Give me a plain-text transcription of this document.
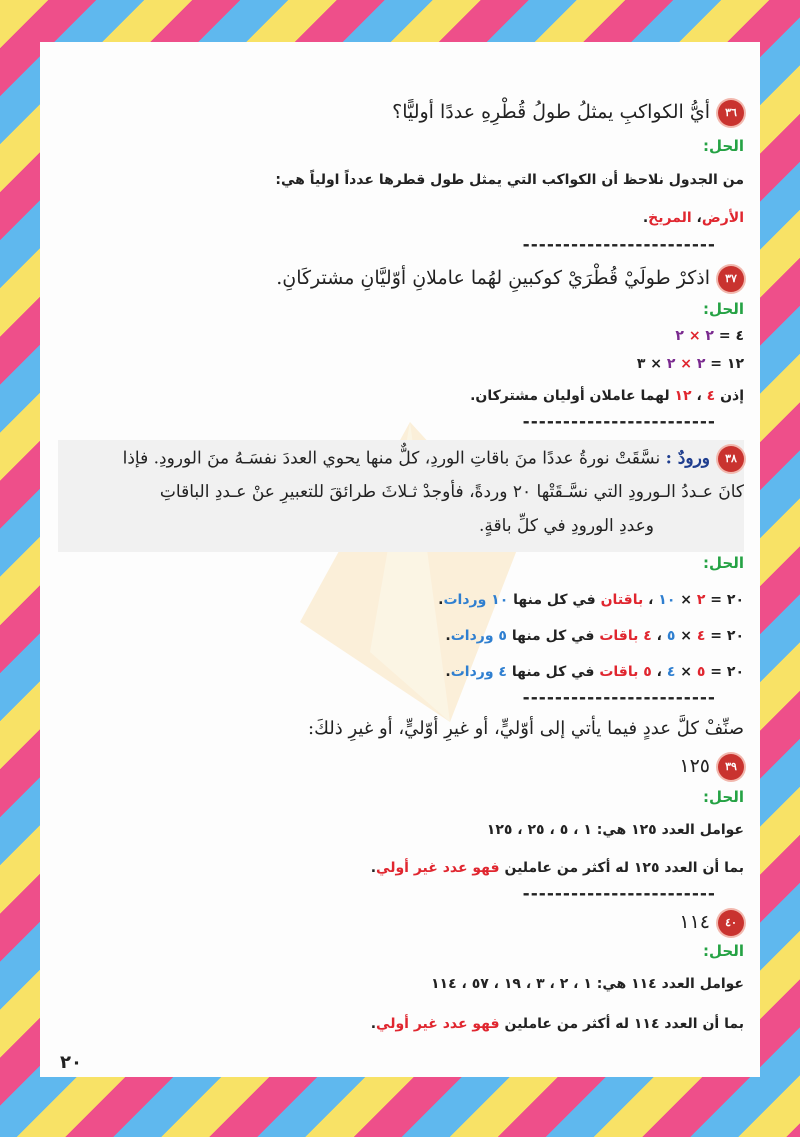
٣٦أيُّ الكواكبِ يمثلُ طولُ قُطْرِهِ عددًا أوليًّا؟
الحل:
من الجدول نلاحظ أن الكواكب التي يمثل طول قطرها عدداً اولياً هي:
الأرض، المريخ.
------------------------
٣٧اذكرْ طولَيْ قُطْرَيْ كوكبينِ لهُما عاملانِ أوّليَّانِ مشتركَانِ.
الحل:
٤ = ٢ × ٢
١٢ = ٢ × ٢ × ٣
إذن ٤ ، ١٢ لهما عاملان أوليان مشتركان.
------------------------
٣٨ورودٌ : نسَّقَتْ نورةُ عددًا منَ باقاتِ الوردِ، كلٌّ منها يحوي العددَ نفسَـهُ منَ الورودِ. فإذا
كانَ عـددُ الـورودِ التي نسَّـقَتْها ٢٠ وردةً، فأوجدْ ثـلاثَ طرائقَ للتعبيرِ عنْ عـددِ الباقاتِ
وعددِ الورودِ في كلِّ باقةٍ.
الحل:
٢٠ = ٢ × ١٠ ، باقتان في كل منها ١٠ وردات.
٢٠ = ٤ × ٥ ، ٤ باقات في كل منها ٥ وردات.
٢٠ = ٥ × ٤ ، ٥ باقات في كل منها ٤ وردات.
------------------------
صنِّفْ كلَّ عددٍ فيما يأتي إلى أوّليٍّ، أو غيرِ أوّليٍّ، أو غيرِ ذلكَ:
٣٩١٢٥
الحل:
عوامل العدد ١٢٥ هي: ١ ، ٥ ، ٢٥ ، ١٢٥
بما أن العدد ١٢٥ له أكثر من عاملين فهو عدد غير أولي.
------------------------
٤٠١١٤
الحل:
عوامل العدد ١١٤ هي: ١ ، ٢ ، ٣ ، ١٩ ، ٥٧ ، ١١٤
بما أن العدد ١١٤ له أكثر من عاملين فهو عدد غير أولي.
٢٠
